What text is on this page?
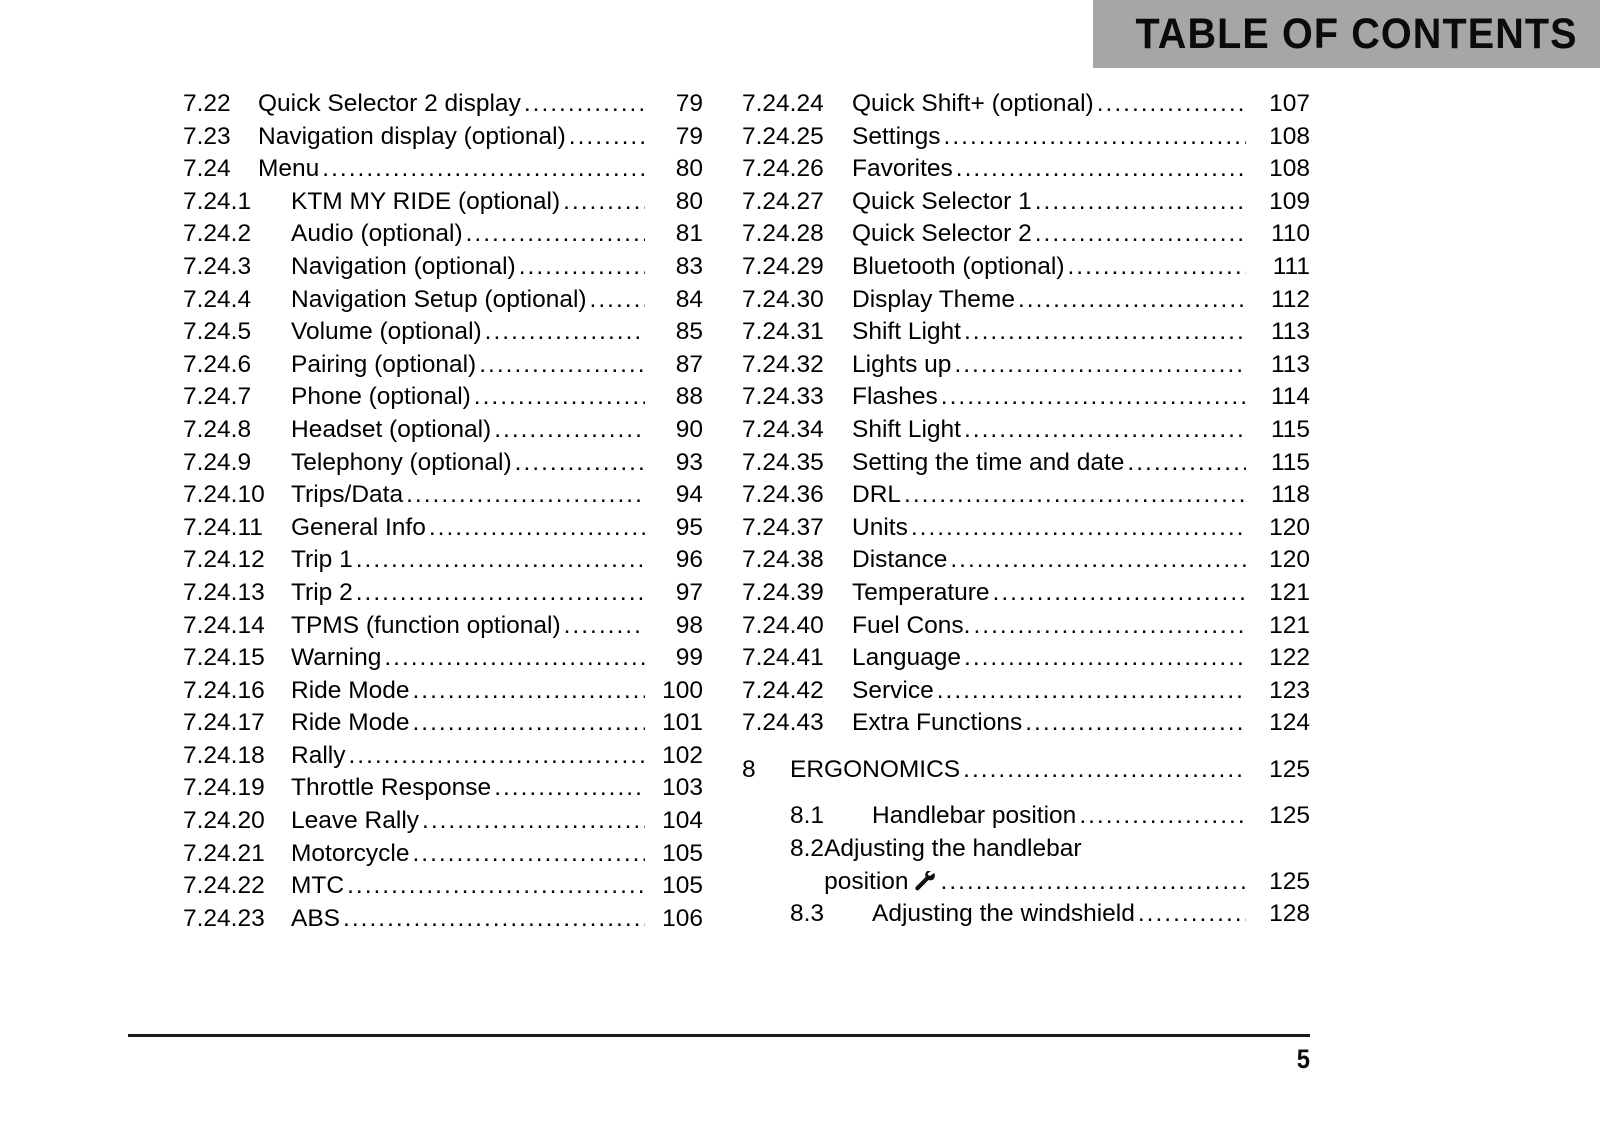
TABLE OF CONTENTS
7.22	Quick Selector 2 display .....	79
7.23	Navigation display (optional) .....	79
7.24	Menu .....	80
7.24.1	KTM MY RIDE (optional) .....	80
7.24.2	Audio (optional) .....	81
7.24.3	Navigation (optional) .....	83
7.24.4	Navigation Setup (optional) .....	84
7.24.5	Volume (optional) .....	85
7.24.6	Pairing (optional) .....	87
7.24.7	Phone (optional) .....	88
7.24.8	Headset (optional) .....	90
7.24.9	Telephony (optional) .....	93
7.24.10	Trips/Data .....	94
7.24.11	General Info .....	95
7.24.12	Trip 1 .....	96
7.24.13	Trip 2 .....	97
7.24.14	TPMS (function optional) .....	98
7.24.15	Warning .....	99
7.24.16	Ride Mode .....	100
7.24.17	Ride Mode .....	101
7.24.18	Rally .....	102
7.24.19	Throttle Response .....	103
7.24.20	Leave Rally .....	104
7.24.21	Motorcycle .....	105
7.24.22	MTC .....	105
7.24.23	ABS .....	106
7.24.24	Quick Shift+ (optional) .....	107
7.24.25	Settings .....	108
7.24.26	Favorites .....	108
7.24.27	Quick Selector 1 .....	109
7.24.28	Quick Selector 2 .....	110
7.24.29	Bluetooth (optional) .....	111
7.24.30	Display Theme .....	112
7.24.31	Shift Light .....	113
7.24.32	Lights up .....	113
7.24.33	Flashes .....	114
7.24.34	Shift Light .....	115
7.24.35	Setting the time and date .....	115
7.24.36	DRL .....	118
7.24.37	Units .....	120
7.24.38	Distance .....	120
7.24.39	Temperature .....	121
7.24.40	Fuel Cons. .....	121
7.24.41	Language .....	122
7.24.42	Service .....	123
7.24.43	Extra Functions .....	124
8	ERGONOMICS .....	125
8.1	Handlebar position .....	125
8.2 Adjusting the handlebar
position .....	125
8.3	Adjusting the windshield .....	128
5
